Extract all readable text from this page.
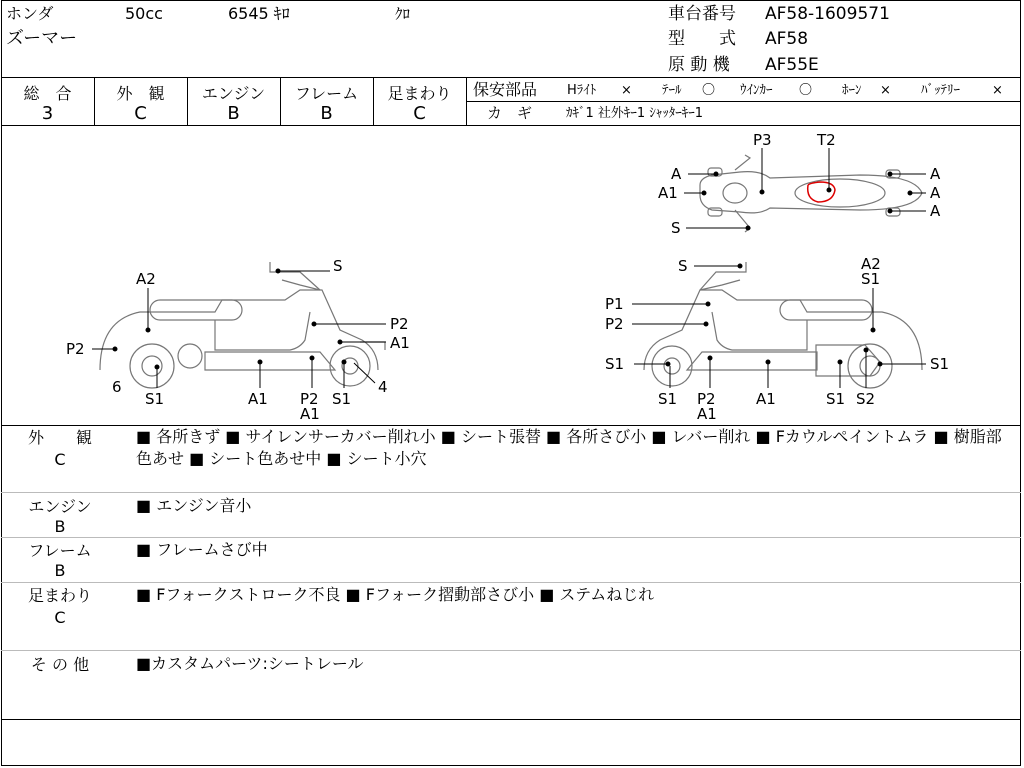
ホンダ	50cc	6545 ｷﾛ	ｸﾛ
ズーマー
車台番号 AF58-1609571
型　　式 AF58
原 動 機 AF55E
総　合
3
外　観
C
エンジン
B
フレーム
B
足まわり
C
保安部品 Hﾗｲﾄ × ﾃｰﾙ 〇 ｳｲﾝｶｰ 〇 ﾎｰﾝ × ﾊﾞｯﾃﾘｰ ×
カ　ギ	ｶｷﾞ1 社外ｷｰ1 ｼｬｯﾀｰｷｰ1
S
A2
P2
A1
P2
6
S1	A1 P2
A1
S1
4
P3	T2
A
A1
S
A
A
A
S	A2
S1
P1
P2
S1	S1
S1 P2
A1
A1	S1 S2
外　　観
C
■ 各所きず ■ サイレンサーカバー削れ小 ■ シート張替 ■ 各所さび小 ■ レバー削れ ■ Fカウルペイントムラ ■ 樹脂部色あせ ■ シート色あせ中 ■ シート小穴
エンジン
B
■ エンジン音小
フレーム
B
■ フレームさび中
足まわり
C
■ Fフォークストローク不良 ■ Fフォーク摺動部さび小 ■ ステムねじれ
そ の 他	■カスタムパーツ:シートレール
